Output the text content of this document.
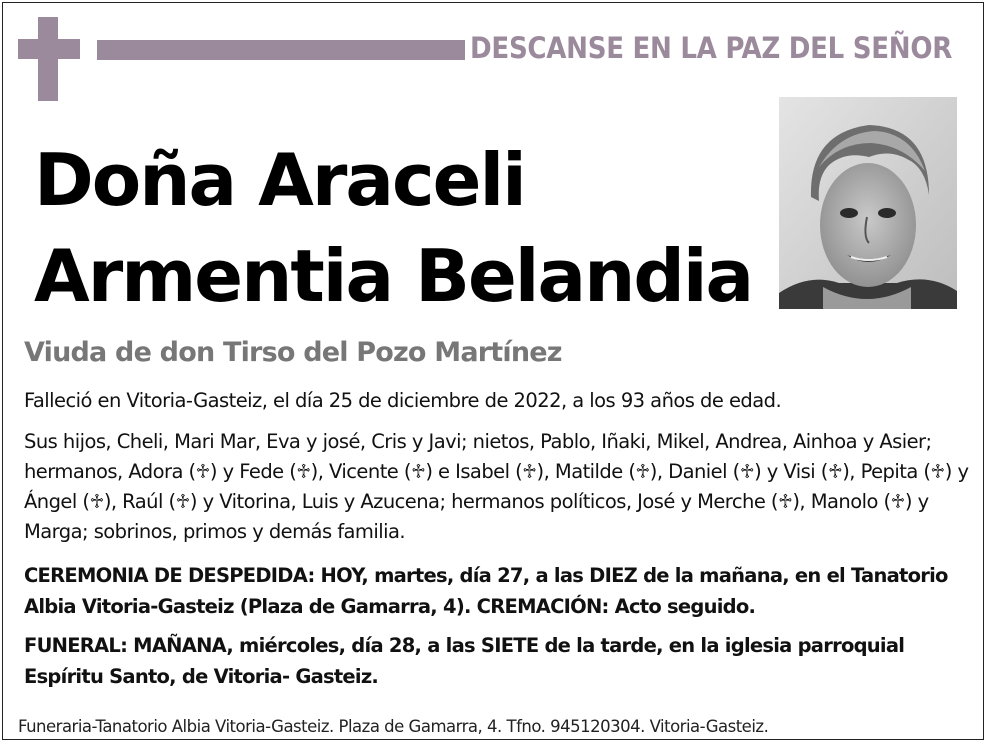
DESCANSE EN LA PAZ DEL SEÑOR
Doña Araceli
Armentia Belandia
Viuda de don Tirso del Pozo Martínez
Falleció en Vitoria-Gasteiz, el día 25 de diciembre de 2022, a los 93 años de edad.
Sus hijos, Cheli, Mari Mar, Eva y josé, Cris y Javi; nietos, Pablo, Iñaki, Mikel, Andrea, Ainhoa y Asier; hermanos, Adora (♱) y Fede (♱), Vicente (♱) e Isabel (♱), Matilde (♱), Daniel (♱) y Visi (♱), Pepita (♱) y Ángel (♱), Raúl (♱) y Vitorina, Luis y Azucena; hermanos políticos, José y Merche (♱), Manolo (♱) y Marga; sobrinos, primos y demás familia.
CEREMONIA DE DESPEDIDA: HOY, martes, día 27, a las DIEZ de la mañana, en el Tanatorio Albia Vitoria-Gasteiz (Plaza de Gamarra, 4). CREMACIÓN: Acto seguido.
FUNERAL: MAÑANA, miércoles, día 28, a las SIETE de la tarde, en la iglesia parroquial Espíritu Santo, de Vitoria- Gasteiz.
Funeraria-Tanatorio Albia Vitoria-Gasteiz. Plaza de Gamarra, 4. Tfno. 945120304. Vitoria-Gasteiz.
